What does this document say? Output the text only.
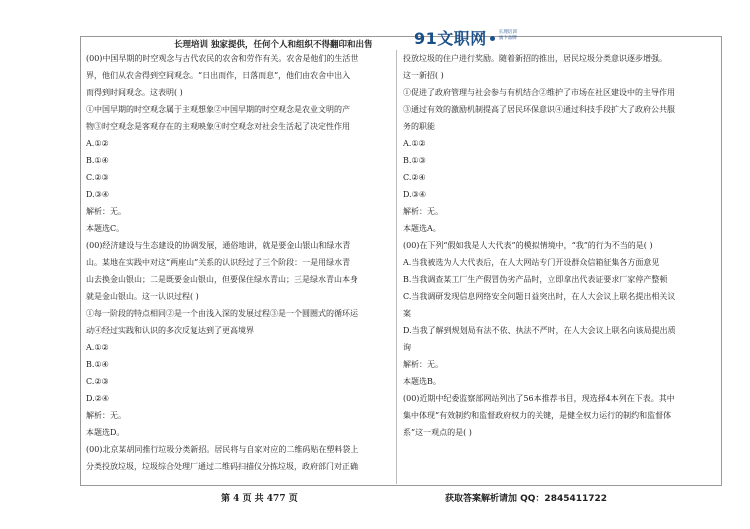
长理培训 独家提供，任何个人和组织不得翻印和出售	91文职网	长理培训
旗下品牌

(00)中国早期的时空观念与古代农民的农舍和劳作有关。农舍是他们的生活世

界，他们从农舍得到空间观念。“日出而作，日落而息”，他们由农舍中出入

而得到时间观念。这表明( )

①中国早期的时空观念属于主观想象②中国早期的时空观念是农业文明的产

物③时空观念是客观存在的主观映象④时空观念对社会生活起了决定性作用

A.①②

B.①④

C.②③

D.③④

解析：无。

本题选C。

(00)经济建设与生态建设的协调发展，通俗地讲，就是要金山银山和绿水青

山。某地在实践中对这“两座山”关系的认识经过了三个阶段：一是用绿水青

山去换金山银山；二是既要金山银山，但要保住绿水青山；三是绿水青山本身

就是金山银山。这一认识过程( )

①每一阶段的特点相同②是一个由浅入深的发展过程③是一个圆圈式的循环运

动④经过实践和认识的多次反复达到了更高境界

A.①②

B.①④

C.②③

D.②④

解析：无。

本题选D。

(00)北京某胡同推行垃圾分类新招。居民将与自家对应的二维码贴在塑料袋上

分类投放垃圾，垃圾综合处理厂通过二维码扫描仪分拣垃圾，政府部门对正确

投放垃圾的住户进行奖励。随着新招的推出，居民垃圾分类意识逐步增强。

这一新招( )

①促进了政府管理与社会参与有机结合②维护了市场在社区建设中的主导作用

③通过有效的激励机制提高了居民环保意识④通过科技手段扩大了政府公共服

务的职能

A.①②

B.①③

C.②④

D.③④

解析：无。

本题选A。

(00)在下列“假如我是人大代表”的模拟情境中，“我”的行为不当的是( )

A.当我被选为人大代表后，在人大网站专门开设群众信箱征集各方面意见

B.当我调查某工厂生产假冒伪劣产品时，立即拿出代表证要求厂家停产整顿

C.当我调研发现信息网络安全问题日益突出时，在人大会议上联名提出相关议

案

D.当我了解到规划局有法不依、执法不严时，在人大会议上联名向该局提出质

询

解析：无。

本题选B。

(00)近期中纪委监察部网站列出了56本推荐书目，现选择4本列在下表。其中

集中体现“有效制约和监督政府权力的关键，是健全权力运行的制约和监督体

系”这一观点的是( )

第 4 页 共 477 页	获取答案解析请加 QQ：2845411722
